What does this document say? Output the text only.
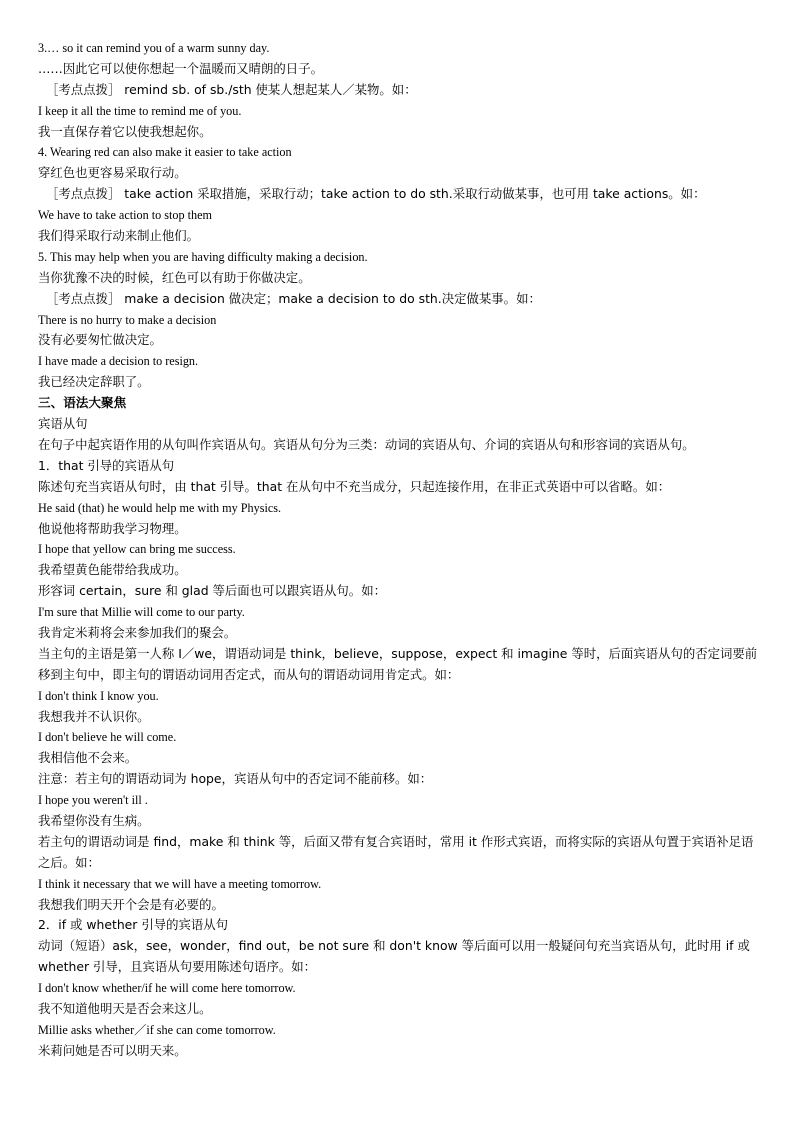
3.… so it can remind you of a warm sunny day.
……因此它可以使你想起一个温暖而又晴朗的日子。
［考点点拨］ remind sb. of sb./sth 使某人想起某人／某物。如：
I keep it all the time to remind me of you.
我一直保存着它以使我想起你。
4. Wearing red can also make it easier to take action
穿红色也更容易采取行动。
［考点点拨］ take action 采取措施，采取行动；take action to do sth.采取行动做某事，也可用 take actions。如：
We have to take action to stop them
我们得采取行动来制止他们。
5. This may help when you are having difficulty making a decision.
当你犹豫不决的时候，红色可以有助于你做决定。
［考点点拨］ make a decision 做决定；make a decision to do sth.决定做某事。如：
There is no hurry to make a decision
没有必要匆忙做决定。
I have made a decision to resign.
我已经决定辞职了。
三、语法大聚焦
宾语从句
在句子中起宾语作用的从句叫作宾语从句。宾语从句分为三类：动词的宾语从句、介词的宾语从句和形容词的宾语从句。
1．that 引导的宾语从句
陈述句充当宾语从句时，由 that 引导。that 在从句中不充当成分，只起连接作用，在非正式英语中可以省略。如：
He said (that) he would help me with my Physics.
他说他将帮助我学习物理。
I hope that yellow can bring me success.
我希望黄色能带给我成功。
形容词 certain，sure 和 glad 等后面也可以跟宾语从句。如：
I'm sure that Millie will come to our party.
我肯定米莉将会来参加我们的聚会。
当主句的主语是第一人称 I／we，谓语动词是 think，believe，suppose，expect 和 imagine 等时，后面宾语从句的否定词要前移到主句中，即主句的谓语动词用否定式，而从句的谓语动词用肯定式。如：
I don't think I know you.
我想我并不认识你。
I don't believe he will come.
我相信他不会来。
注意：若主句的谓语动词为 hope，宾语从句中的否定词不能前移。如：
I hope you weren't ill .
我希望你没有生病。
若主句的谓语动词是 find，make 和 think 等，后面又带有复合宾语时，常用 it 作形式宾语，而将实际的宾语从句置于宾语补足语之后。如：
I think it necessary that we will have a meeting tomorrow.
我想我们明天开个会是有必要的。
2．if 或 whether 引导的宾语从句
动词（短语）ask，see，wonder，find out，be not sure 和 don't know 等后面可以用一般疑问句充当宾语从句，此时用 if 或 whether 引导，且宾语从句要用陈述句语序。如：
I don't know whether/if he will come here tomorrow.
我不知道他明天是否会来这儿。
Millie asks whether／if she can come tomorrow.
米莉问她是否可以明天来。
